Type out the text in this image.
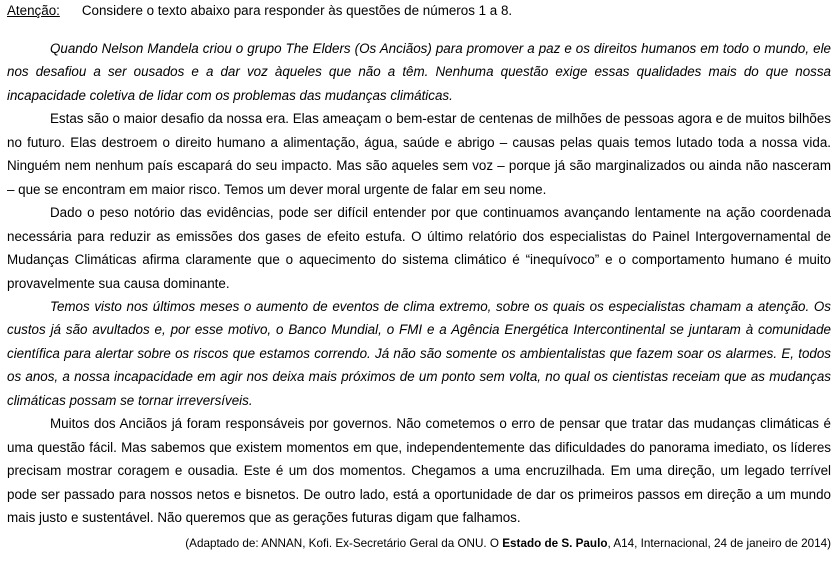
Atenção: Considere o texto abaixo para responder às questões de números 1 a 8.

Quando Nelson Mandela criou o grupo The Elders (Os Anciãos) para promover a paz e os direitos humanos em todo o mundo, ele nos desafiou a ser ousados e a dar voz àqueles que não a têm. Nenhuma questão exige essas qualidades mais do que nossa incapacidade coletiva de lidar com os problemas das mudanças climáticas.

Estas são o maior desafio da nossa era. Elas ameaçam o bem-estar de centenas de milhões de pessoas agora e de muitos bilhões no futuro. Elas destroem o direito humano a alimentação, água, saúde e abrigo – causas pelas quais temos lutado toda a nossa vida. Ninguém nem nenhum país escapará do seu impacto. Mas são aqueles sem voz – porque já são marginalizados ou ainda não nasceram – que se encontram em maior risco. Temos um dever moral urgente de falar em seu nome.

Dado o peso notório das evidências, pode ser difícil entender por que continuamos avançando lentamente na ação coordenada necessária para reduzir as emissões dos gases de efeito estufa. O último relatório dos especialistas do Painel Intergovernamental de Mudanças Climáticas afirma claramente que o aquecimento do sistema climático é “inequívoco” e o comportamento humano é muito provavelmente sua causa dominante.

Temos visto nos últimos meses o aumento de eventos de clima extremo, sobre os quais os especialistas chamam a atenção. Os custos já são avultados e, por esse motivo, o Banco Mundial, o FMI e a Agência Energética Intercontinental se juntaram à comunidade científica para alertar sobre os riscos que estamos correndo. Já não são somente os ambientalistas que fazem soar os alarmes. E, todos os anos, a nossa incapacidade em agir nos deixa mais próximos de um ponto sem volta, no qual os cientistas receiam que as mudanças climáticas possam se tornar irreversíveis.

Muitos dos Anciãos já foram responsáveis por governos. Não cometemos o erro de pensar que tratar das mudanças climáticas é uma questão fácil. Mas sabemos que existem momentos em que, independentemente das dificuldades do panorama imediato, os líderes precisam mostrar coragem e ousadia. Este é um dos momentos. Chegamos a uma encruzilhada. Em uma direção, um legado terrível pode ser passado para nossos netos e bisnetos. De outro lado, está a oportunidade de dar os primeiros passos em direção a um mundo mais justo e sustentável. Não queremos que as gerações futuras digam que falhamos.

(Adaptado de: ANNAN, Kofi. Ex-Secretário Geral da ONU. O Estado de S. Paulo, A14, Internacional, 24 de janeiro de 2014)
